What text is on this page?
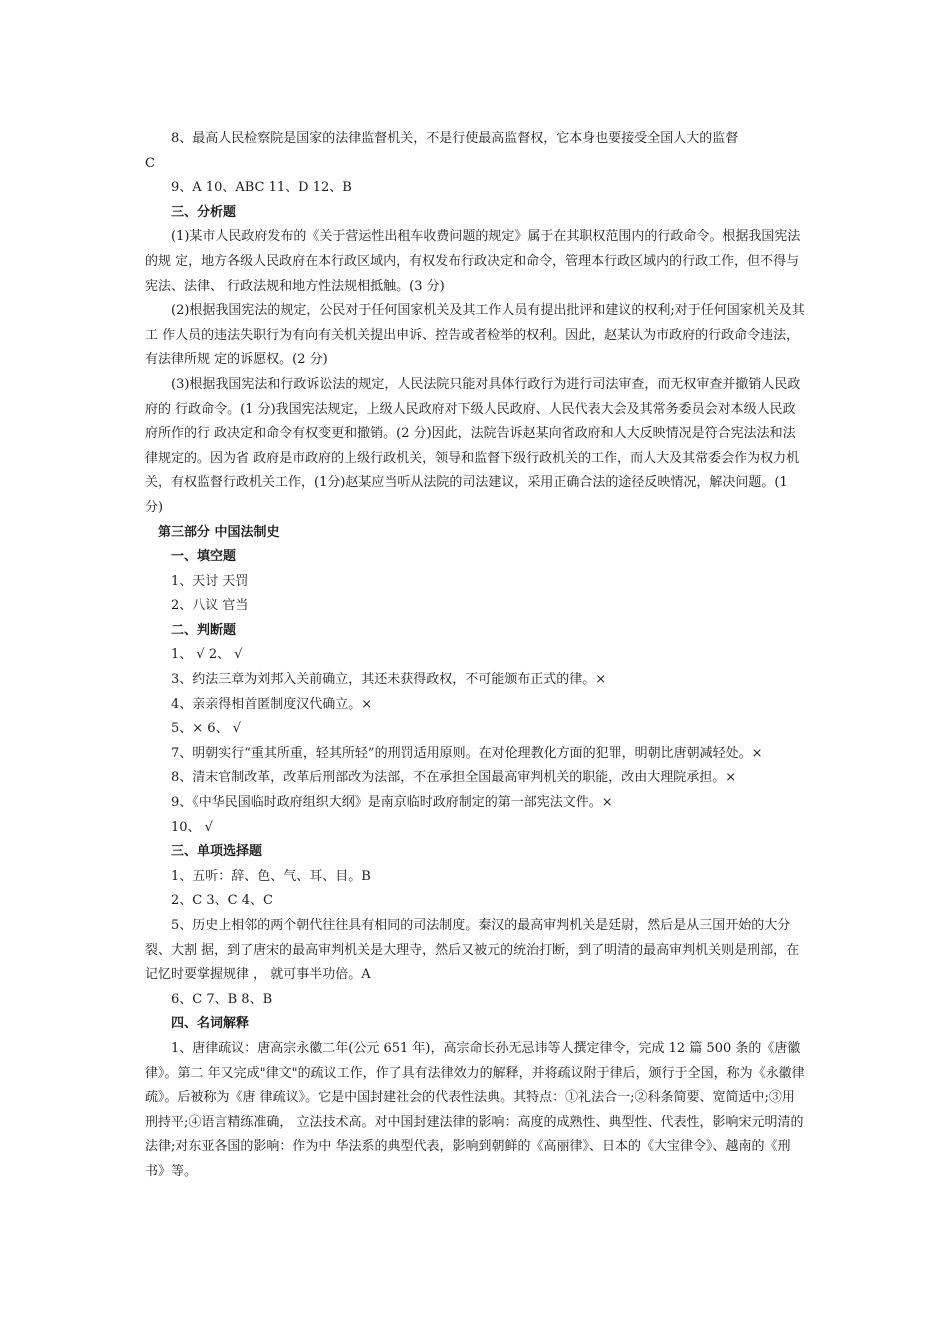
8、最高人民检察院是国家的法律监督机关，不是行使最高监督权，它本身也要接受全国人大的监督

C

9、A 10、ABC 11、D 12、B

三、分析题

(1)某市人民政府发布的《关于营运性出租车收费问题的规定》属于在其职权范围内的行政命令。根据我国宪法的规 定，地方各级人民政府在本行政区域内，有权发布行政决定和命令，管理本行政区域内的行政工作，但不得与宪法、法律、 行政法规和地方性法规相抵触。(3 分)

(2)根据我国宪法的规定，公民对于任何国家机关及其工作人员有提出批评和建议的权利;对于任何国家机关及其工 作人员的违法失职行为有向有关机关提出申诉、控告或者检举的权利。因此，赵某认为市政府的行政命令违法，有法律所规 定的诉愿权。(2 分)

(3)根据我国宪法和行政诉讼法的规定，人民法院只能对具体行政行为进行司法审查，而无权审查并撤销人民政府的 行政命令。(1 分)我国宪法规定，上级人民政府对下级人民政府、人民代表大会及其常务委员会对本级人民政府所作的行 政决定和命令有权变更和撤销。(2 分)因此，法院告诉赵某向省政府和人大反映情况是符合宪法法和法律规定的。因为省 政府是市政府的上级行政机关，领导和监督下级行政机关的工作，而人大及其常委会作为权力机关，有权监督行政机关工作，(1分)赵某应当听从法院的司法建议，采用正确合法的途径反映情况，解决问题。(1 分)

第三部分 中国法制史

一、填空题

1、天讨 天罚

2、八议 官当

二、判断题

1、 √ 2、 √

3、约法三章为刘邦入关前确立，其还未获得政权，不可能颁布正式的律。×

4、亲亲得相首匿制度汉代确立。×

5、× 6、 √

7、明朝实行“重其所重，轻其所轻”的刑罚适用原则。在对伦理教化方面的犯罪，明朝比唐朝减轻处。×

8、清末官制改革，改革后刑部改为法部，不在承担全国最高审判机关的职能，改由大理院承担。×

9、《中华民国临时政府组织大纲》是南京临时政府制定的第一部宪法文件。×

10、 √

三、单项选择题

1、五听：辞、色、气、耳、目。B

2、C 3、C 4、C

5、历史上相邻的两个朝代往往具有相同的司法制度。秦汉的最高审判机关是廷尉，然后是从三国开始的大分裂、大割 据，到了唐宋的最高审判机关是大理寺，然后又被元的统治打断，到了明清的最高审判机关则是刑部，在记忆时要掌握规律 ， 就可事半功倍。A

6、C 7、B 8、B

四、名词解释

1、唐律疏议：唐高宗永徽二年(公元 651 年)，高宗命长孙无忌讳等人撰定律令，完成 12 篇 500 条的《唐徽律》。第二 年又完成"律文"的疏议工作，作了具有法律效力的解释，并将疏议附于律后，颁行于全国，称为《永徽律疏》。后被称为《唐 律疏议》。它是中国封建社会的代表性法典。其特点：①礼法合一;②科条简要、宽简适中;③用刑持平;④语言精练准确， 立法技术高。对中国封建法律的影响：高度的成熟性、典型性、代表性，影响宋元明清的法律;对东亚各国的影响：作为中 华法系的典型代表，影响到朝鲜的《高丽律》、日本的《大宝律令》、越南的《刑书》等。
